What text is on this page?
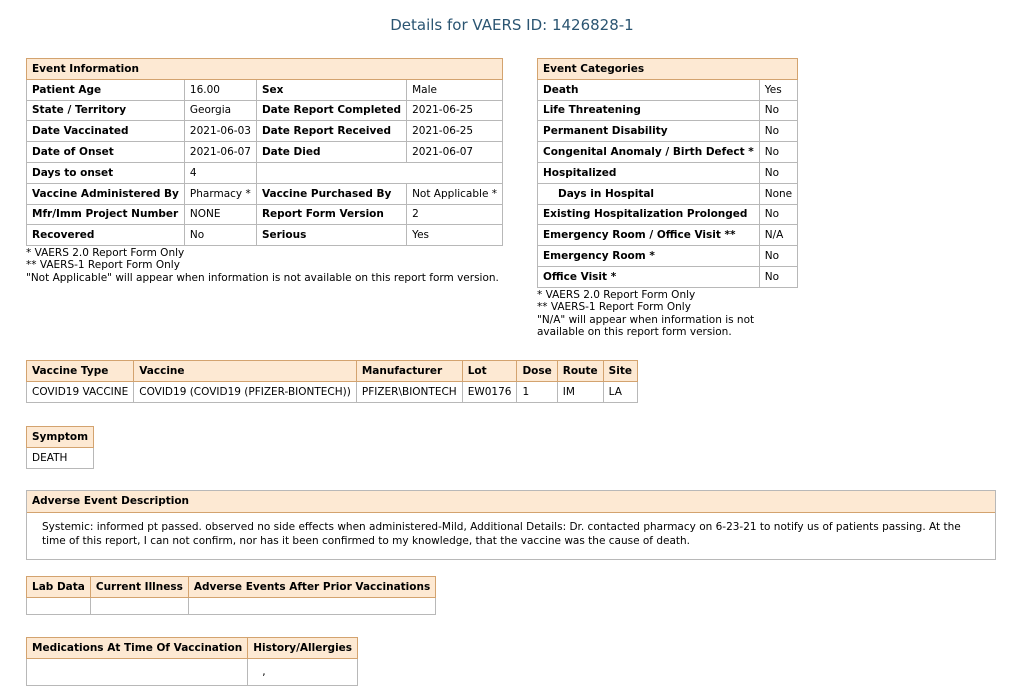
Details for VAERS ID: 1426828-1
Event Information			
Patient Age	16.00	Sex	Male
State / Territory	Georgia	Date Report Completed	2021-06-25
Date Vaccinated	2021-06-03	Date Report Received	2021-06-25
Date of Onset	2021-06-07	Date Died	2021-06-07
Days to onset	4		
Vaccine Administered By	Pharmacy *	Vaccine Purchased By	Not Applicable *
Mfr/Imm Project Number	NONE	Report Form Version	2
Recovered	No	Serious	Yes
* VAERS 2.0 Report Form Only
** VAERS-1 Report Form Only
"Not Applicable" will appear when information is not available on this report form version.
Event Categories	
Death	Yes
Life Threatening	No
Permanent Disability	No
Congenital Anomaly / Birth Defect *	No
Hospitalized	No
Days in Hospital	None
Existing Hospitalization Prolonged	No
Emergency Room / Office Visit **	N/A
Emergency Room *	No
Office Visit *	No
* VAERS 2.0 Report Form Only
** VAERS-1 Report Form Only
"N/A" will appear when information is not
available on this report form version.
Vaccine Type	Vaccine	Manufacturer	Lot	Dose	Route	Site
COVID19 VACCINE	COVID19 (COVID19 (PFIZER-BIONTECH))	PFIZER\BIONTECH	EW0176	1	IM	LA
Symptom
DEATH
Adverse Event Description
Systemic: informed pt passed. observed no side effects when administered-Mild, Additional Details: Dr. contacted pharmacy on 6-23-21 to notify us of patients passing. At the time of this report, I can not confirm, nor has it been confirmed to my knowledge, that the vaccine was the cause of death.
Lab Data	Current Illness	Adverse Events After Prior Vaccinations

Medications At Time Of Vaccination	History/Allergies
	,
